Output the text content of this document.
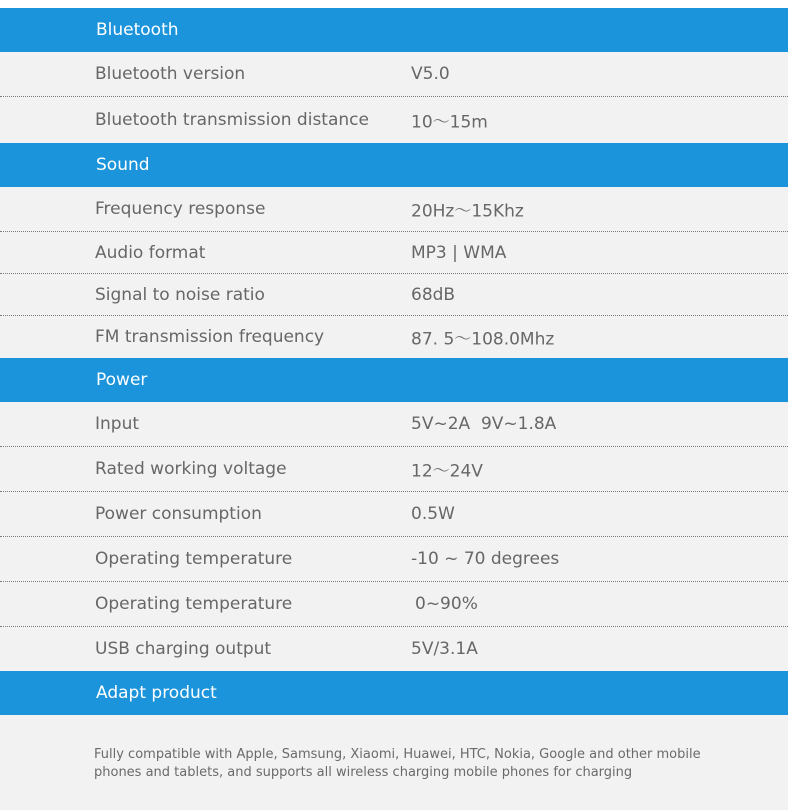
Bluetooth
Bluetooth version	V5.0
Bluetooth transmission distance 10～15m
Sound
Frequency response	20Hz～15Khz
Audio format	MP3 | WMA
Signal to noise ratio	68dB
FM transmission frequency	87. 5～108.0Mhz
Power
Input	5V~2A  9V~1.8A
Rated working voltage	12～24V
Power consumption	0.5W
Operating temperature	-10 ~ 70 degrees
Operating temperature	0~90%
USB charging output	5V/3.1A
Adapt product
Fully compatible with Apple, Samsung, Xiaomi, Huawei, HTC, Nokia, Google and other mobile phones and tablets, and supports all wireless charging mobile phones for charging
